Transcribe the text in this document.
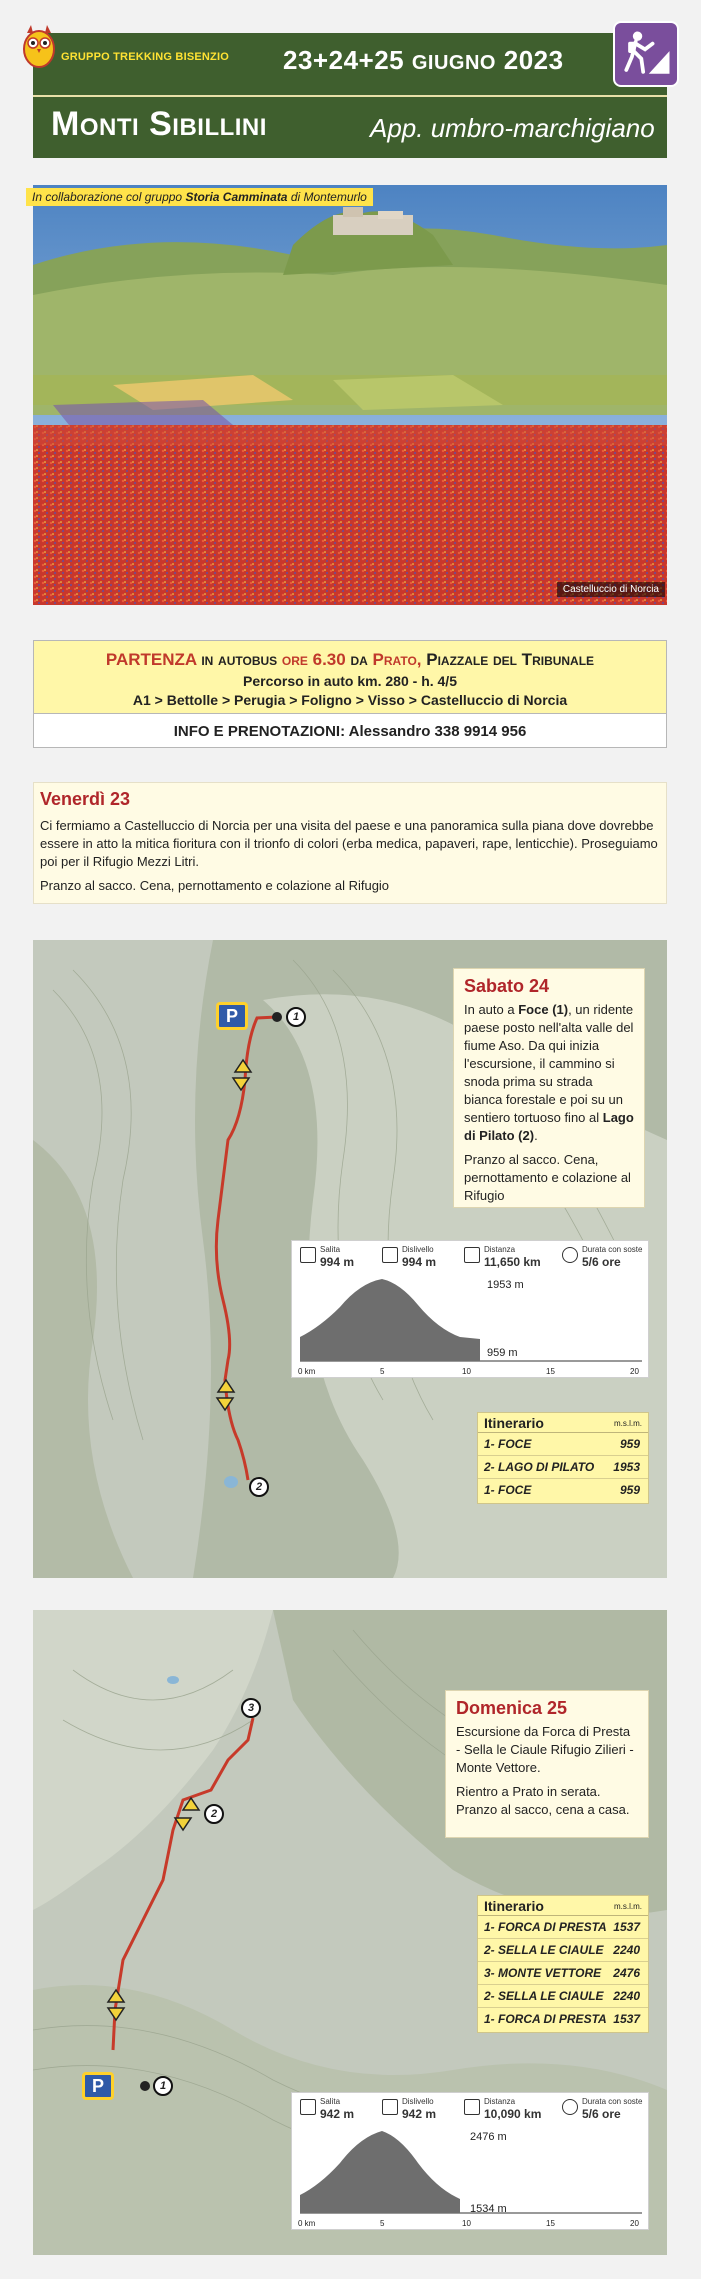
GRUPPO TREKKING BISENZIO 23+24+25 GIUGNO 2023
Monti Sibillini	App. umbro-marchigiano
Castelluccio di Norcia
In collaborazione col gruppo Storia Camminata di Montemurlo
PARTENZA in autobus ore 6.30 da Prato, Piazzale del Tribunale
Percorso in auto km. 280 - h. 4/5
A1 > Bettolle > Perugia > Foligno > Visso > Castelluccio di Norcia
INFO E PRENOTAZIONI: Alessandro 338 9914 956
Venerdì 23

Ci fermiamo a Castelluccio di Norcia per una visita del paese e una panoramica sulla piana dove dovrebbe essere in atto la mitica fioritura con il trionfo di colori (erba medica, papaveri, rape, lenticchie). Proseguiamo poi per il Rifugio Mezzi Litri.

Pranzo al sacco. Cena, pernottamento e colazione al Rifugio

P	1
2
Sabato 24

In auto a Foce (1), un ridente paese posto nell'alta valle del fiume Aso. Da qui inizia l'escursione, il cammino si snoda prima su strada bianca forestale e poi su un sentiero tortuoso fino al Lago di Pilato (2).

Pranzo al sacco. Cena, pernottamento e colazione al Rifugio

Salita
994 m
Dislivello
994 m
Distanza
11,650 km
Durata con soste
5/6 ore
1953 m
959 m
0 km	5	10	15	20
Itinerario	m.s.l.m.
1- FOCE	959
2- LAGO DI PILATO 1953
1- FOCE	959
P	1
2
3	Domenica 25

Escursione da Forca di Presta - Sella le Ciaule Rifugio Zilieri - Monte Vettore.

Rientro a Prato in serata. Pranzo al sacco, cena a casa.

Itinerario	m.s.l.m.
1- FORCA DI PRESTA 1537
2- SELLA LE CIAULE 2240
3- MONTE VETTORE 2476
2- SELLA LE CIAULE 2240
1- FORCA DI PRESTA 1537
Salita
942 m
Dislivello
942 m
Distanza
10,090 km
Durata con soste
5/6 ore
2476 m
1534 m
0 km	5	10	15	20
